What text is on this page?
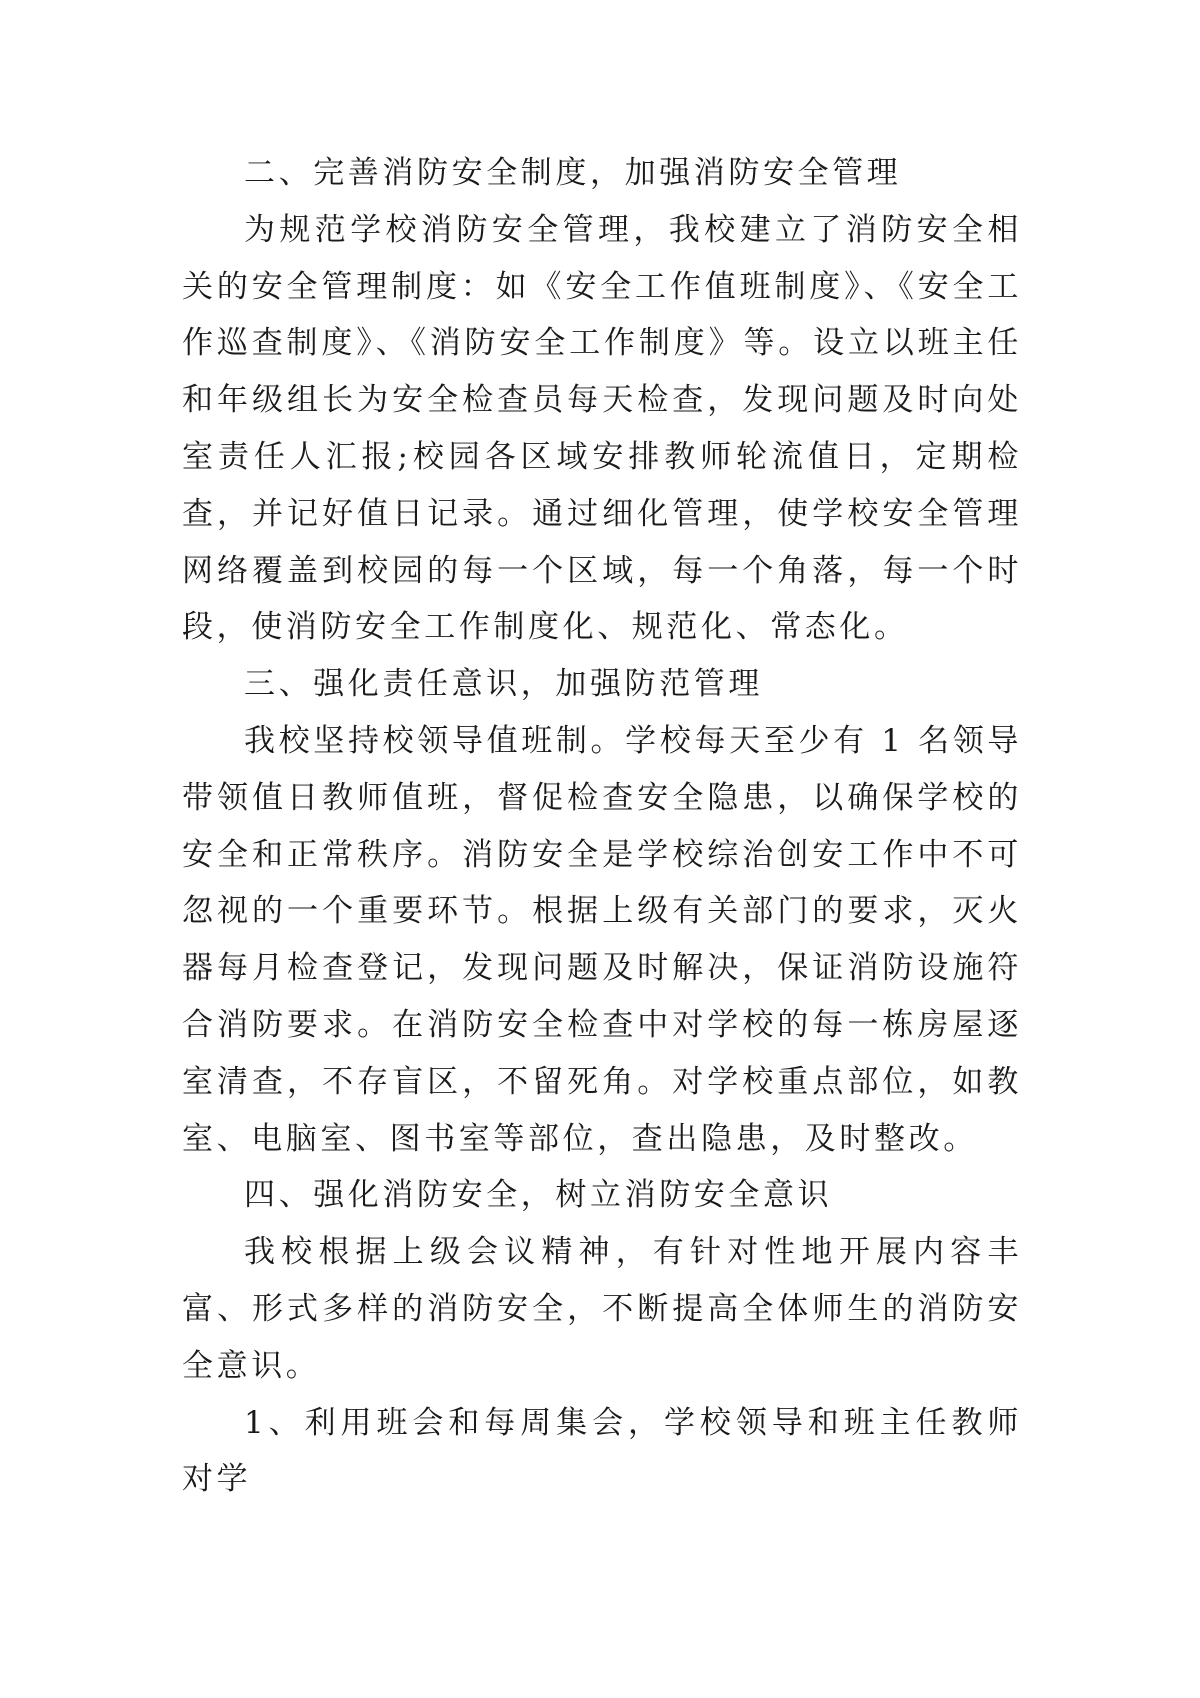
二、完善消防安全制度，加强消防安全管理

为规范学校消防安全管理，我校建立了消防安全相关的安全管理制度：如《安全工作值班制度》、《安全工作巡查制度》、《消防安全工作制度》等。设立以班主任和年级组长为安全检查员每天检查，发现问题及时向处室责任人汇报;校园各区域安排教师轮流值日，定期检查，并记好值日记录。通过细化管理，使学校安全管理网络覆盖到校园的每一个区域，每一个角落，每一个时段，使消防安全工作制度化、规范化、常态化。

三、强化责任意识，加强防范管理

我校坚持校领导值班制。学校每天至少有 1 名领导带领值日教师值班，督促检查安全隐患，以确保学校的安全和正常秩序。消防安全是学校综治创安工作中不可忽视的一个重要环节。根据上级有关部门的要求，灭火器每月检查登记，发现问题及时解决，保证消防设施符合消防要求。在消防安全检查中对学校的每一栋房屋逐室清查，不存盲区，不留死角。对学校重点部位，如教室、电脑室、图书室等部位，查出隐患，及时整改。

四、强化消防安全，树立消防安全意识

我校根据上级会议精神，有针对性地开展内容丰富、形式多样的消防安全，不断提高全体师生的消防安全意识。

1、利用班会和每周集会，学校领导和班主任教师对学
